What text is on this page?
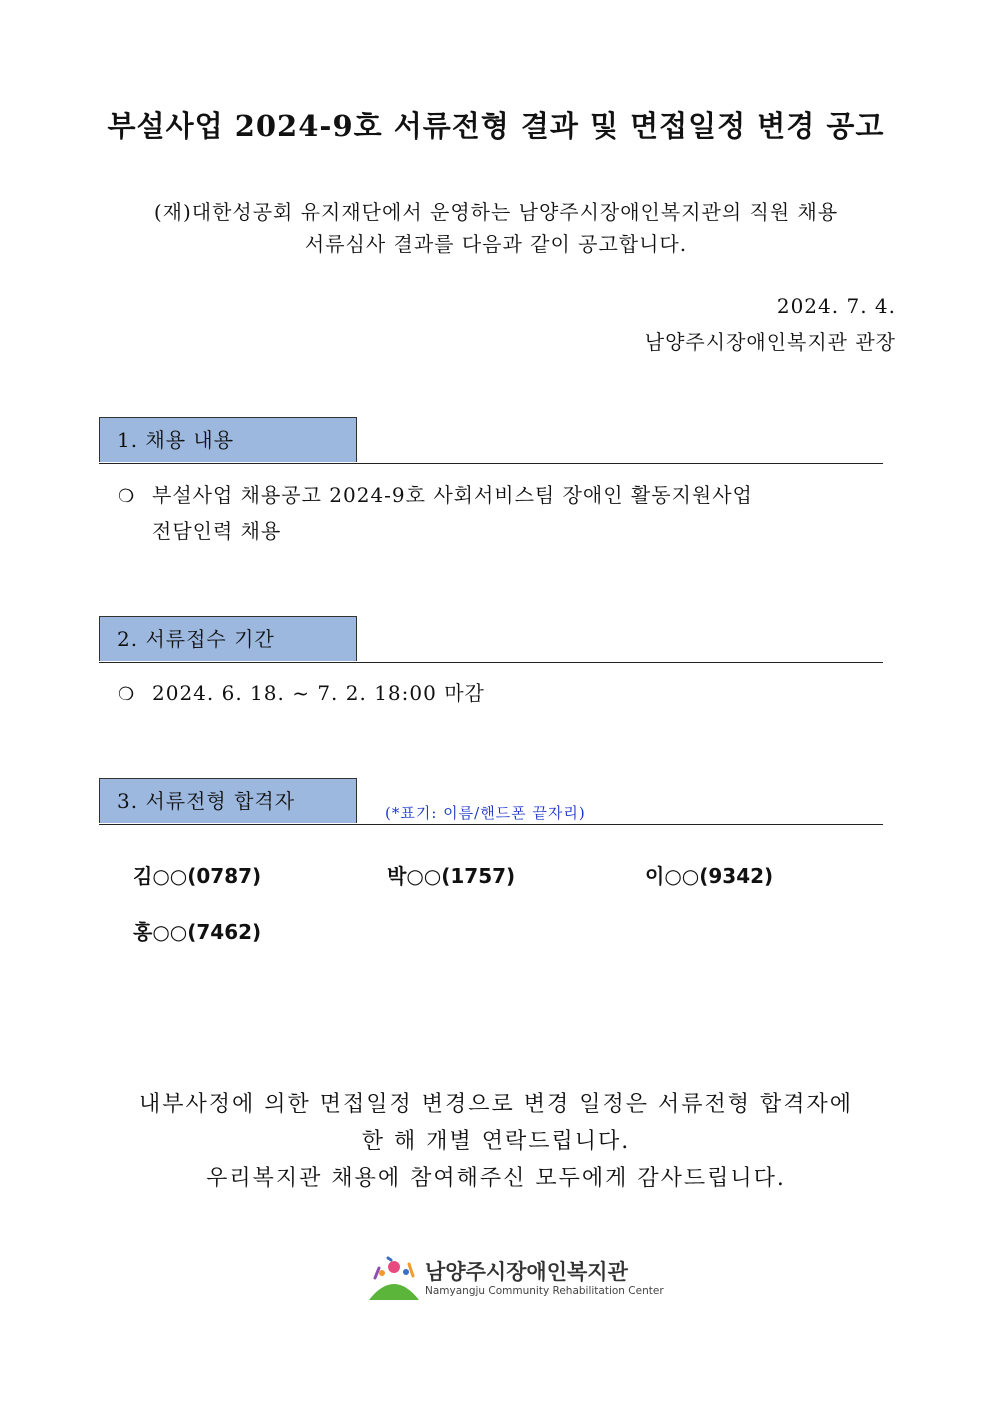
부설사업 2024-9호 서류전형 결과 및 면접일정 변경 공고
(재)대한성공회 유지재단에서 운영하는 남양주시장애인복지관의 직원 채용
서류심사 결과를 다음과 같이 공고합니다.
2024. 7. 4.
남양주시장애인복지관 관장
1. 채용 내용
❍ 부설사업 채용공고 2024-9호 사회서비스팀 장애인 활동지원사업
전담인력 채용
2. 서류접수 기간
❍ 2024. 6. 18. ~ 7. 2. 18:00 마감
3. 서류전형 합격자	(*표기: 이름/핸드폰 끝자리)
김○○(0787)	박○○(1757)	이○○(9342)
홍○○(7462)
내부사정에 의한 면접일정 변경으로 변경 일정은 서류전형 합격자에
한 해 개별 연락드립니다.
우리복지관 채용에 참여해주신 모두에게 감사드립니다.
남양주시장애인복지관
Namyangju Community Rehabilitation Center
